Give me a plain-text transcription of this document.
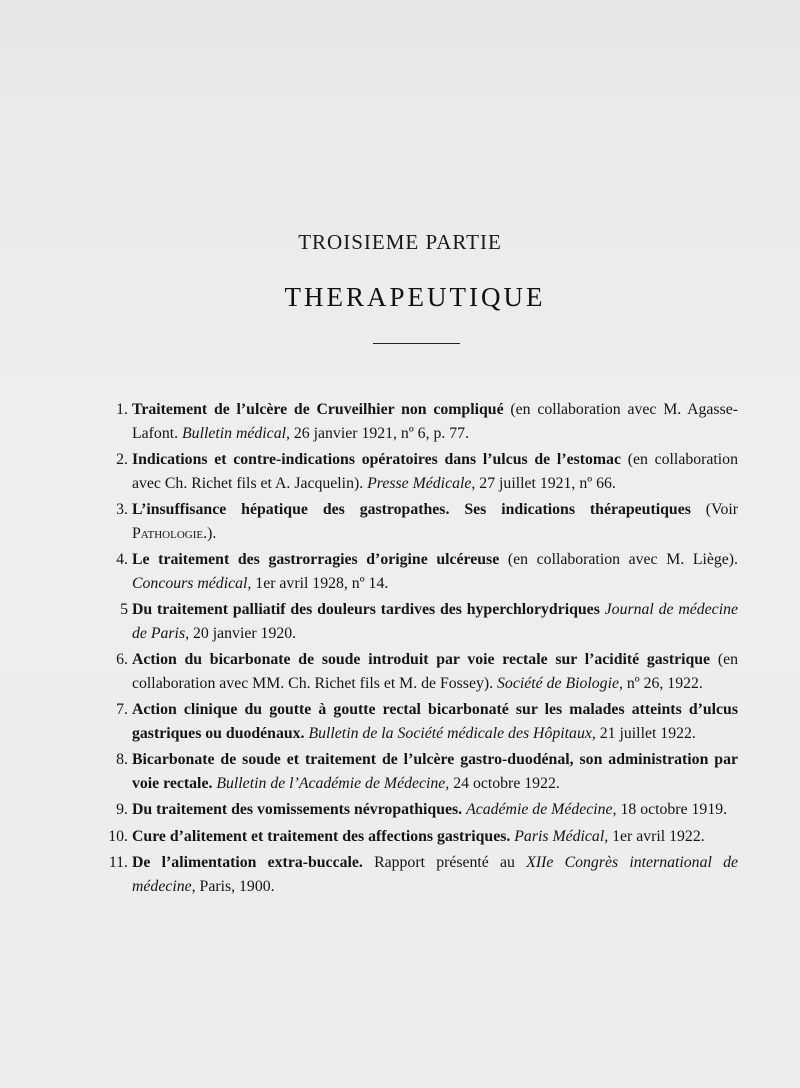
TROISIEME PARTIE
THERAPEUTIQUE
1. Traitement de l’ulcère de Cruveilhier non compliqué (en collaboration avec M. Agasse-Lafont. Bulletin médical, 26 janvier 1921, nº 6, p. 77.
2. Indications et contre-indications opératoires dans l’ulcus de l’estomac (en collaboration avec Ch. Richet fils et A. Jacquelin). Presse Médicale, 27 juillet 1921, nº 66.
3. L’insuffisance hépatique des gastropathes. Ses indications thérapeutiques (Voir Pathologie.).
4. Le traitement des gastrorragies d’origine ulcéreuse (en collaboration avec M. Liège). Concours médical, 1er avril 1928, nº 14.
5 Du traitement palliatif des douleurs tardives des hyperchlorydriques Journal de médecine de Paris, 20 janvier 1920.
6. Action du bicarbonate de soude introduit par voie rectale sur l’acidité gastrique (en collaboration avec MM. Ch. Richet fils et M. de Fossey). Société de Biologie, nº 26, 1922.
7. Action clinique du goutte à goutte rectal bicarbonaté sur les malades atteints d’ulcus gastriques ou duodénaux. Bulletin de la Société médicale des Hôpitaux, 21 juillet 1922.
8. Bicarbonate de soude et traitement de l’ulcère gastro-duodénal, son administration par voie rectale. Bulletin de l’Académie de Médecine, 24 octobre 1922.
9. Du traitement des vomissements névropathiques. Académie de Médecine, 18 octobre 1919.
10. Cure d’alitement et traitement des affections gastriques. Paris Médical, 1er avril 1922.
11. De l’alimentation extra-buccale. Rapport présenté au XIIe Congrès international de médecine, Paris, 1900.
